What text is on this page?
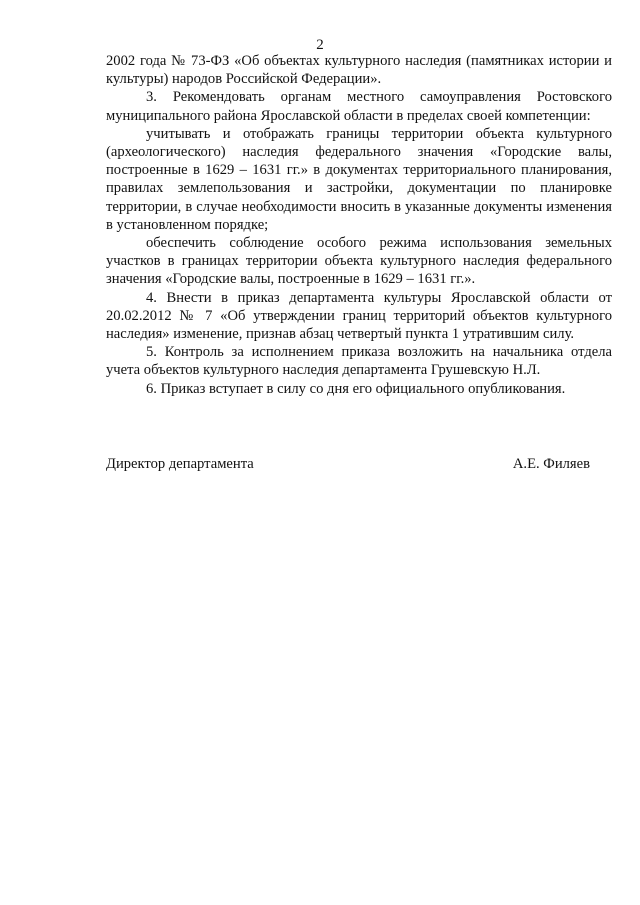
2

2002 года № 73-ФЗ «Об объектах культурного наследия (памятниках истории и культуры) народов Российской Федерации».

3. Рекомендовать органам местного самоуправления Ростовского муниципального района Ярославской области в пределах своей компетенции:

учитывать и отображать границы территории объекта культурного (археологического) наследия федерального значения «Городские валы, построенные в 1629 – 1631 гг.» в документах территориального планирования, правилах землепользования и застройки, документации по планировке территории, в случае необходимости вносить в указанные документы изменения в установленном порядке;

обеспечить соблюдение особого режима использования земельных участков в границах территории объекта культурного наследия федерального значения «Городские валы, построенные в 1629 – 1631 гг.».

4. Внести в приказ департамента культуры Ярославской области от 20.02.2012 № 7 «Об утверждении границ территорий объектов культурного наследия» изменение, признав абзац четвертый пункта 1 утратившим силу.

5. Контроль за исполнением приказа возложить на начальника отдела учета объектов культурного наследия департамента Грушевскую Н.Л.

6. Приказ вступает в силу со дня его официального опубликования.

Директор департамента	А.Е. Филяев
